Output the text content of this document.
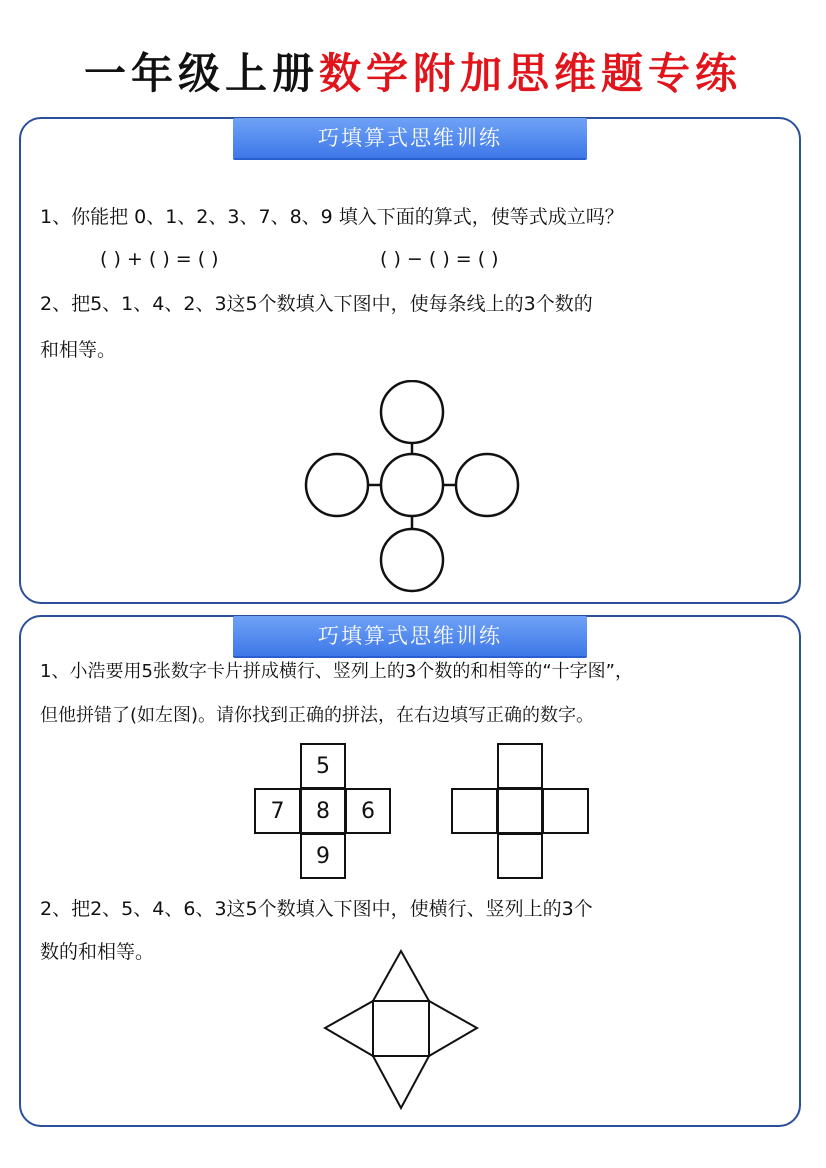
一年级上册数学附加思维题专练
巧填算式思维训练
1、你能把 0、1、2、3、7、8、9 填入下面的算式，使等式成立吗？
( ) + ( ) = ( )	( ) − ( ) = ( )
2、把5、1、4、2、3这5个数填入下图中，使每条线上的3个数的
和相等。
巧填算式思维训练
1、小浩要用5张数字卡片拼成横行、竖列上的3个数的和相等的“十字图”，
但他拼错了(如左图)。请你找到正确的拼法，在右边填写正确的数字。
5
7	8	6
9
2、把2、5、4、6、3这5个数填入下图中，使横行、竖列上的3个
数的和相等。
